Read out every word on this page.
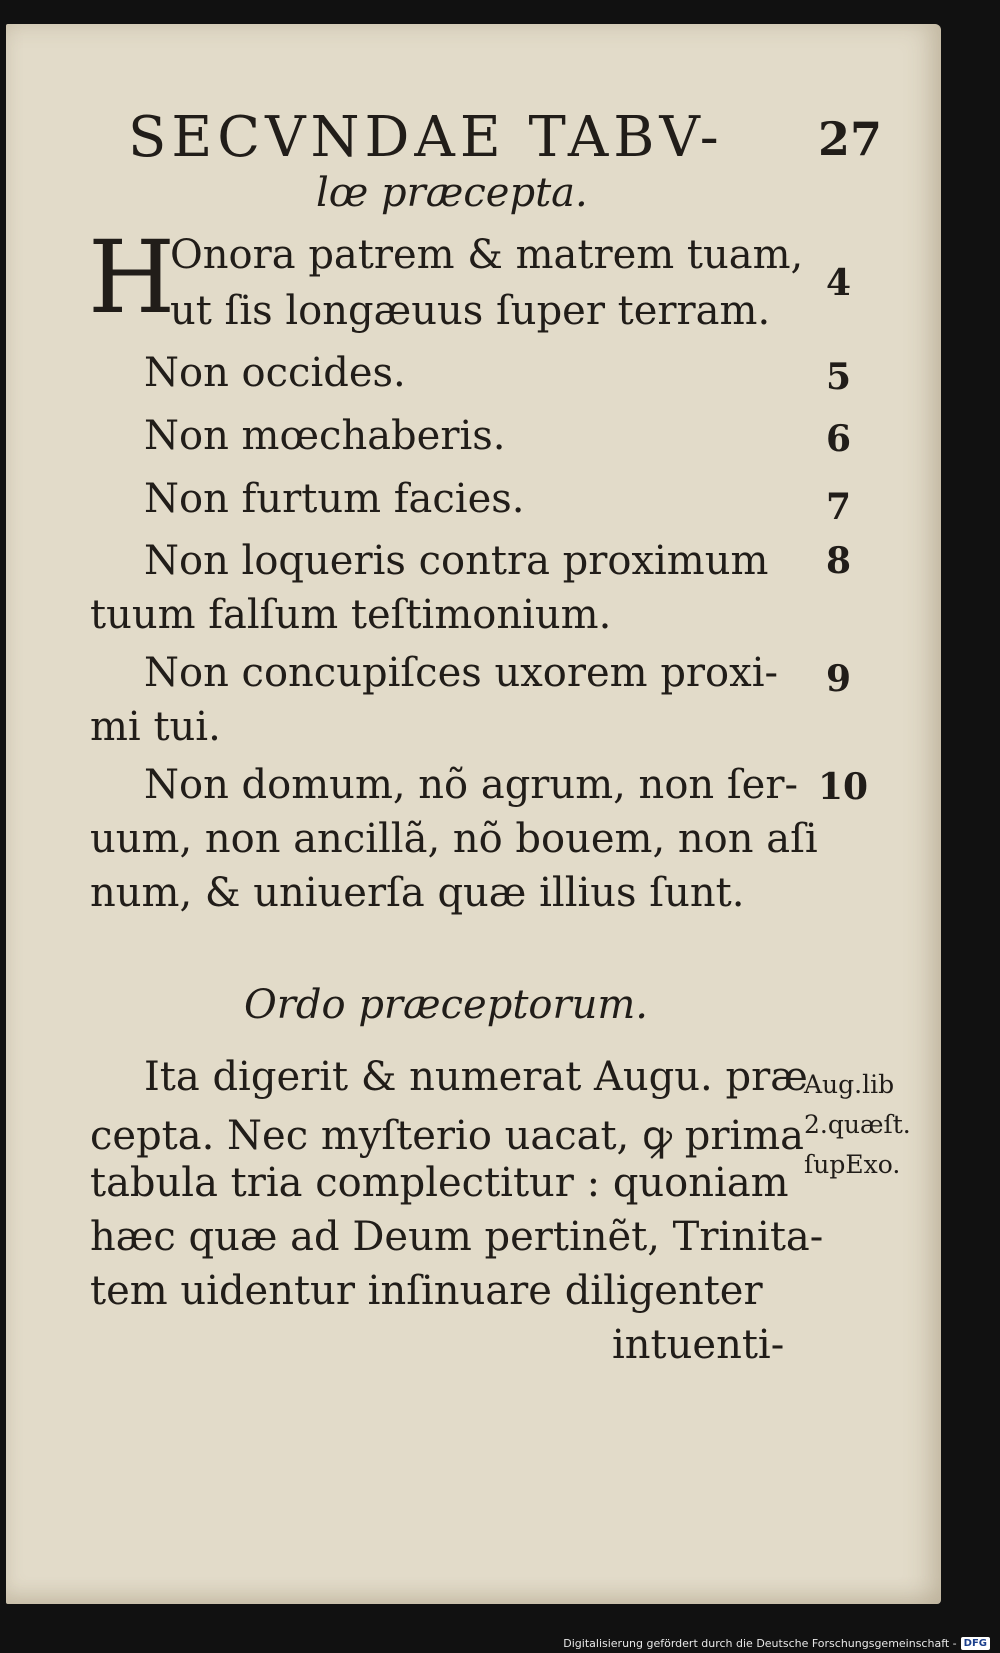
SECVNDAE TABV- 27
lœ præcepta.
H
Onora patrem & matrem tuam,
ut ſis longæuus ſuper terram.
4
Non occides.	5
Non mœchaberis.	6
Non furtum facies.	7
Non loqueris contra proximum
tuum falſum teſtimonium.
8
Non concupiſces uxorem proxi-
mi tui.
9
Non domum, nõ agrum, non ſer-
uum, non ancillã, nõ bouem, non aſi
num, & uniuerſa quæ illius ſunt.
10
Ordo præceptorum.
Ita digerit & numerat Augu. præ
cepta. Nec myſterio uacat, ꝙ prima
tabula tria complectitur : quoniam
hæc quæ ad Deum pertinẽt, Trinita-
tem uidentur inſinuare diligenter
intuenti-
Aug.lib
2.quæſt.
ſupExo.
Digitalisierung gefördert durch die Deutsche Forschungsgemeinschaft - DFG
